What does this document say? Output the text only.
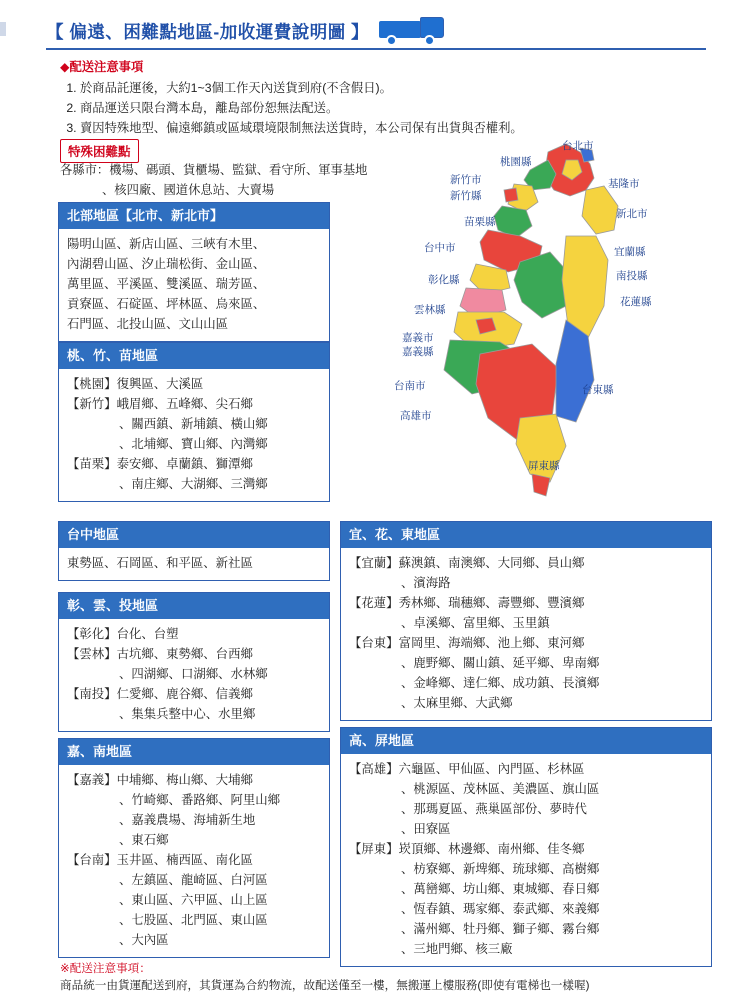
【 偏遠、困難點地區-加收運費說明圖 】
◆配送注意事項
1. 於商品託運後，大約1~3個工作天內送貨到府(不含假日)。
2. 商品運送只限台灣本島，離島部份恕無法配送。
3. 賣因特殊地型、偏遠鄉鎮或區域環境限制無法送貨時，本公司保有出貨與否權利。
特殊困難點
各縣市：機場、碼頭、貨櫃場、監獄、看守所、軍事基地
、核四廠、國道休息站、大賣場
台北市
桃園縣
新竹市	基隆市
新竹縣
新北市
苗栗縣
台中市	宜蘭縣
彰化縣	南投縣
花蓮縣
雲林縣
嘉義市
嘉義縣
台南市	台東縣
高雄市
屏東縣
北部地區【北市、新北市】
陽明山區、新店山區、三峽有木里、
內湖碧山區、汐止瑞松街、金山區、
萬里區、平溪區、雙溪區、瑞芳區、
貢寮區、石碇區、坪林區、烏來區、
石門區、北投山區、文山山區
桃、竹、苗地區
【桃園】 復興區、大溪區
【新竹】 峨眉鄉、五峰鄉、尖石鄉
、關西鎮、新埔鎮、橫山鄉
、北埔鄉、寶山鄉、內灣鄉
【苗栗】 泰安鄉、卓蘭鎮、獅潭鄉
、南庄鄉、大湖鄉、三灣鄉
台中地區
東勢區、石岡區、和平區、新社區
彰、雲、投地區
【彰化】 台化、台塑
【雲林】 古坑鄉、東勢鄉、台西鄉
、四湖鄉、口湖鄉、水林鄉
【南投】 仁愛鄉、鹿谷鄉、信義鄉
、集集兵整中心、水里鄉
嘉、南地區
【嘉義】 中埔鄉、梅山鄉、大埔鄉
、竹崎鄉、番路鄉、阿里山鄉
、嘉義農場、海埔新生地
、東石鄉
【台南】 玉井區、楠西區、南化區
、左鎮區、龍崎區、白河區
、東山區、六甲區、山上區
、七股區、北門區、東山區
、大內區
宜、花、東地區
【宜蘭】 蘇澳鎮、南澳鄉、大同鄉、員山鄉
、濱海路
【花蓮】 秀林鄉、瑞穗鄉、壽豐鄉、豐濱鄉
、卓溪鄉、富里鄉、玉里鎮
【台東】 富岡里、海端鄉、池上鄉、東河鄉
、鹿野鄉、關山鎮、延平鄉、卑南鄉
、金峰鄉、達仁鄉、成功鎮、長濱鄉
、太麻里鄉、大武鄉
高、屏地區
【高雄】 六龜區、甲仙區、內門區、杉林區
、桃源區、茂林區、美濃區、旗山區
、那瑪夏區、燕巢區部份、夢時代
、田寮區
【屏東】 崁頂鄉、林邊鄉、南州鄉、佳冬鄉
、枋寮鄉、新埤鄉、琉球鄉、高樹鄉
、萬巒鄉、坊山鄉、東城鄉、春日鄉
、恆春鎮、瑪家鄉、泰武鄉、來義鄉
、滿州鄉、牡丹鄉、獅子鄉、霧台鄉
、三地門鄉、核三廠
※配送注意事項：
商品統一由貨運配送到府，其貨運為合約物流，故配送僅至一樓，無搬運上樓服務(即使有電梯也一樣喔)
